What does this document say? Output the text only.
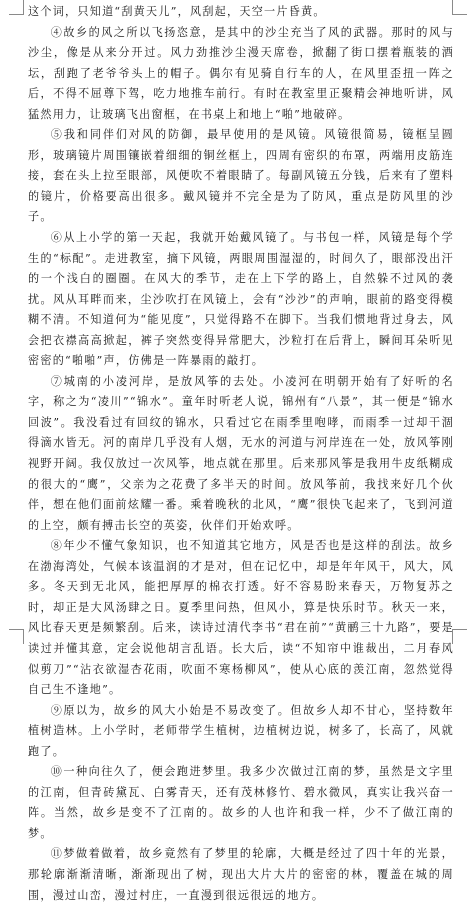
这个词，只知道“刮黄天儿”，风刮起，天空一片昏黄。

④故乡的风之所以飞扬恣意，是其中的沙尘充当了风的武器。那时的风与沙尘，像是从来分开过。风力劲推沙尘漫天席卷，掀翻了街口摆着瓶装的酒坛，刮跑了老爷爷头上的帽子。偶尔有见骑自行车的人，在风里歪扭一阵之后，不得不屈尊下驾，吃力地推车前行。有时在教室里正聚精会神地听讲，风猛然用力，让玻璃飞出窗框，在书桌上和地上“啪”地破碎。

⑤我和同伴们对风的防御，最早使用的是风镜。风镜很简易，镜框呈圆形，玻璃镜片周围镶嵌着细细的铜丝框上，四周有密织的布罩，两端用皮筋连接，套在头上拉至眼部，风便吹不着眼睛了。每副风镜五分钱，后来有了塑料的镜片，价格要高出很多。戴风镜并不完全是为了防风，重点是防风里的沙子。

⑥从上小学的第一天起，我就开始戴风镜了。与书包一样，风镜是每个学生的“标配”。走进教室，摘下风镜，两眼周围湿湿的，时间久了，眼部没出汗的一个浅白的圈圈。在风大的季节，走在上下学的路上，自然躲不过风的袭扰。风从耳畔而来，尘沙吹打在风镜上，会有“沙沙”的声响，眼前的路变得模糊不清。不知道何为“能见度”，只觉得路不在脚下。当我们惯地背过身去，风会把衣襟高高掀起，裤子突然变得异常肥大，沙粒打在后背上，瞬间耳朵听见密密的“啪啪”声，仿佛是一阵暴雨的敲打。

⑦城南的小凌河岸，是放风筝的去处。小凌河在明朝开始有了好听的名字，称之为“凌川”“锦水”。童年时听老人说，锦州有“八景”，其一便是“锦水回波”。我没看过有回纹的锦水，只看过它在雨季里咆哮，而雨季一过却干涸得滴水皆无。河的南岸几乎没有人烟，无水的河道与河岸连在一处，放风筝刚视野开阔。我仅放过一次风筝，地点就在那里。后来那风筝是我用牛皮纸糊成的很大的“鹰”，父亲为之花费了多半天的时间。放风筝前，我找来好几个伙伴，想在他们面前炫耀一番。乘着晚秋的北风，“鹰”很快飞起来了，飞到河道的上空，颇有搏击长空的英姿，伙伴们开始欢呼。

⑧年少不懂气象知识，也不知道其它地方，风是否也是这样的刮法。故乡在渤海湾处，气候本该温润的才是对，但在记忆中，却是年年风干，风大，风多。冬天到无北风，能把厚厚的棉衣打透。好不容易盼来春天，万物复苏之时，却正是大风汤肆之日。夏季里问热，但风小，算是快乐时节。秋天一来，风比春天更是频繁刮。后来，读诗过清代李书“君在前”“黄鹂三十九路”，要是读过并懂其意，定会说他胡言乱语。长大后，读“不知帘中谁裁出，二月春风似剪刀”“沾衣欲湿杏花雨，吹面不寒杨柳风”，使从心底的羡江南，忽然觉得自己生不逢地”。

⑨原以为，故乡的风大小始是不易改变了。但故乡人却不甘心，坚持数年植树造林。上小学时，老师带学生植树，边植树边说，树多了，长高了，风就跑了。

⑩一种向往久了，便会跑进梦里。我多少次做过江南的梦，虽然是文字里的江南，但青砖黛瓦、白雾青天，还有茂林修竹、碧水微风，真实让我兴奋一阵。当然，故乡是变不了江南的。故乡的人也许和我一样，少不了做江南的梦。

⑪梦做着做着，故乡竟然有了梦里的轮廓，大概是经过了四十年的光景，那轮廓渐渐清晰，渐渐现出了树，现出大片大片的密密的林，覆盖在城的周围，漫过山峦，漫过村庄，一直漫到很远很远的地方。
